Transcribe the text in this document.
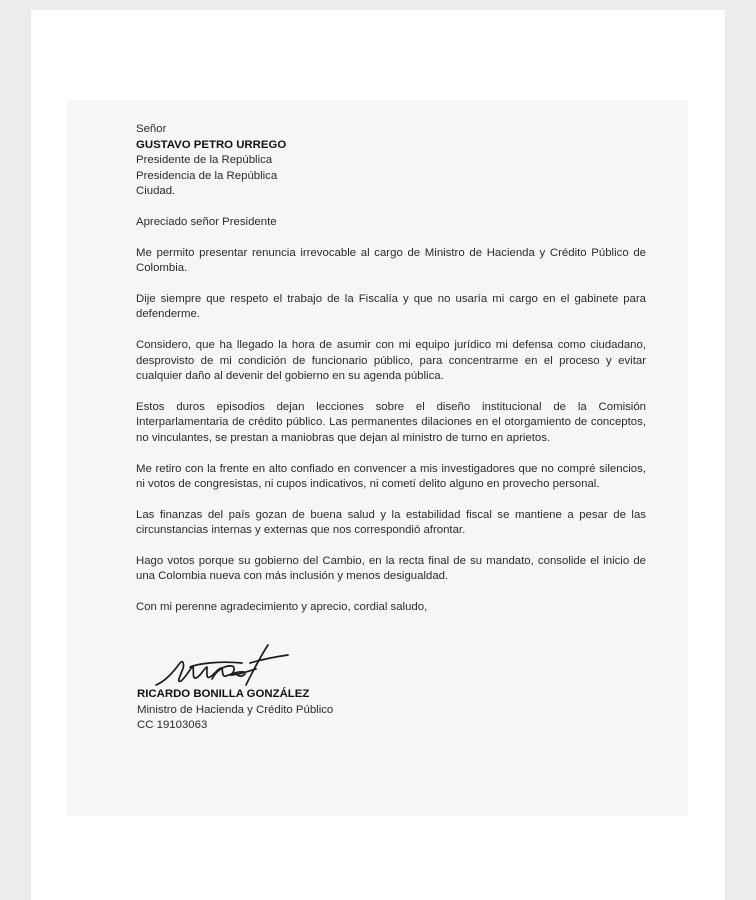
Señor
GUSTAVO PETRO URREGO
Presidente de la República
Presidencia de la República
Ciudad.
Apreciado señor Presidente

Me permito presentar renuncia irrevocable al cargo de Ministro de Hacienda y Crédito Público de Colombia.

Dije siempre que respeto el trabajo de la Fiscalía y que no usaría mi cargo en el gabinete para defenderme.

Considero, que ha llegado la hora de asumir con mi equipo jurídico mi defensa como ciudadano, desprovisto de mi condición de funcionario público, para concentrarme en el proceso y evitar cualquier daño al devenir del gobierno en su agenda pública.

Estos duros episodios dejan lecciones sobre el diseño institucional de la Comisión Interparlamentaria de crédito público. Las permanentes dilaciones en el otorgamiento de conceptos, no vinculantes, se prestan a maniobras que dejan al ministro de turno en aprietos.

Me retiro con la frente en alto confiado en convencer a mis investigadores que no compré silencios, ni votos de congresistas, ni cupos indicativos, ni cometí delito alguno en provecho personal.

Las finanzas del país gozan de buena salud y la estabilidad fiscal se mantiene a pesar de las circunstancias internas y externas que nos correspondió afrontar.

Hago votos porque su gobierno del Cambio, en la recta final de su mandato, consolide el inicio de una Colombia nueva con más inclusión y menos desigualdad.

Con mi perenne agradecimiento y aprecio, cordial saludo,
RICARDO BONILLA GONZÁLEZ
Ministro de Hacienda y Crédito Público
CC 19103063
